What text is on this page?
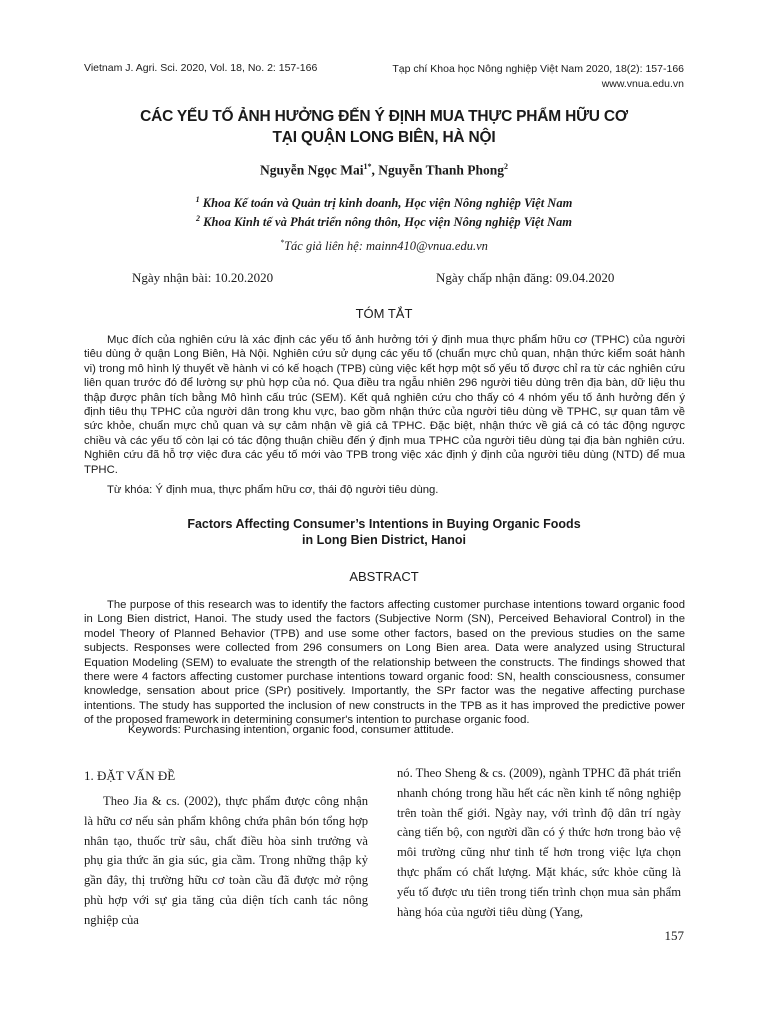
Vietnam J. Agri. Sci. 2020, Vol. 18, No. 2: 157-166	Tạp chí Khoa học Nông nghiệp Việt Nam 2020, 18(2): 157-166
www.vnua.edu.vn
CÁC YẾU TỐ ẢNH HƯỞNG ĐẾN Ý ĐỊNH MUA THỰC PHẨM HỮU CƠ
TẠI QUẬN LONG BIÊN, HÀ NỘI
Nguyễn Ngọc Mai$^{1*}$, Nguyễn Thanh Phong$^2$
$^1$ Khoa Kế toán và Quản trị kinh doanh, Học viện Nông nghiệp Việt Nam
$^2$ Khoa Kinh tế và Phát triển nông thôn, Học viện Nông nghiệp Việt Nam
*Tác giả liên hệ: mainn410@vnua.edu.vn
Ngày nhận bài: 10.20.2020	Ngày chấp nhận đăng: 09.04.2020
TÓM TẮT
Mục đích của nghiên cứu là xác định các yếu tố ảnh hưởng tới ý định mua thực phẩm hữu cơ (TPHC) của người tiêu dùng ở quận Long Biên, Hà Nội. Nghiên cứu sử dụng các yếu tố (chuẩn mực chủ quan, nhận thức kiểm soát hành vi) trong mô hình lý thuyết về hành vi có kế hoạch (TPB) cùng việc kết hợp một số yếu tố được chỉ ra từ các nghiên cứu liên quan trước đó để lường sự phù hợp của nó. Qua điều tra ngẫu nhiên 296 người tiêu dùng trên địa bàn, dữ liệu thu thập được phân tích bằng Mô hình cấu trúc (SEM). Kết quả nghiên cứu cho thấy có 4 nhóm yếu tố ảnh hưởng đến ý định tiêu thụ TPHC của người dân trong khu vực, bao gồm nhận thức của người tiêu dùng về TPHC, sự quan tâm về sức khỏe, chuẩn mực chủ quan và sự cảm nhận về giá cả TPHC. Đặc biệt, nhận thức về giá cả có tác động ngược chiều và các yếu tố còn lại có tác động thuận chiều đến ý định mua TPHC của người tiêu dùng tại địa bàn nghiên cứu. Nghiên cứu đã hỗ trợ việc đưa các yếu tố mới vào TPB trong việc xác định ý định của người tiêu dùng (NTD) để mua TPHC.
Từ khóa: Ý định mua, thực phẩm hữu cơ, thái độ người tiêu dùng.
Factors Affecting Consumer’s Intentions in Buying Organic Foods
in Long Bien District, Hanoi
ABSTRACT
The purpose of this research was to identify the factors affecting customer purchase intentions toward organic food in Long Bien district, Hanoi. The study used the factors (Subjective Norm (SN), Perceived Behavioral Control) in the model Theory of Planned Behavior (TPB) and use some other factors, based on the previous studies on the same subjects. Responses were collected from 296 consumers on Long Bien area. Data were analyzed using Structural Equation Modeling (SEM) to evaluate the strength of the relationship between the constructs. The findings showed that there were 4 factors affecting customer purchase intentions toward organic food: SN, health consciousness, consumer knowledge, sensation about price (SPr) positively. Importantly, the SPr factor was the negative affecting purchase intentions. The study has supported the inclusion of new constructs in the TPB as it has improved the predictive power of the proposed framework in determining consumer's intention to purchase organic food.
Keywords: Purchasing intention, organic food, consumer attitude.
1. ĐẶT VẤN ĐỀ
Theo Jia & cs. (2002), thực phẩm được công nhận là hữu cơ nếu sản phẩm không chứa phân bón tổng hợp nhân tạo, thuốc trừ sâu, chất điều hòa sinh trưởng và phụ gia thức ăn gia súc, gia cầm. Trong những thập kỷ gần đây, thị trường hữu cơ toàn cầu đã được mở rộng phù hợp với sự gia tăng của diện tích canh tác nông nghiệp của
nó. Theo Sheng & cs. (2009), ngành TPHC đã phát triển nhanh chóng trong hầu hết các nền kinh tế nông nghiệp trên toàn thế giới. Ngày nay, với trình độ dân trí ngày càng tiến bộ, con người dần có ý thức hơn trong bảo vệ môi trường cũng như tinh tế hơn trong việc lựa chọn thực phẩm có chất lượng. Mặt khác, sức khỏe cũng là yếu tố được ưu tiên trong tiến trình chọn mua sản phẩm hàng hóa của người tiêu dùng (Yang,
157
